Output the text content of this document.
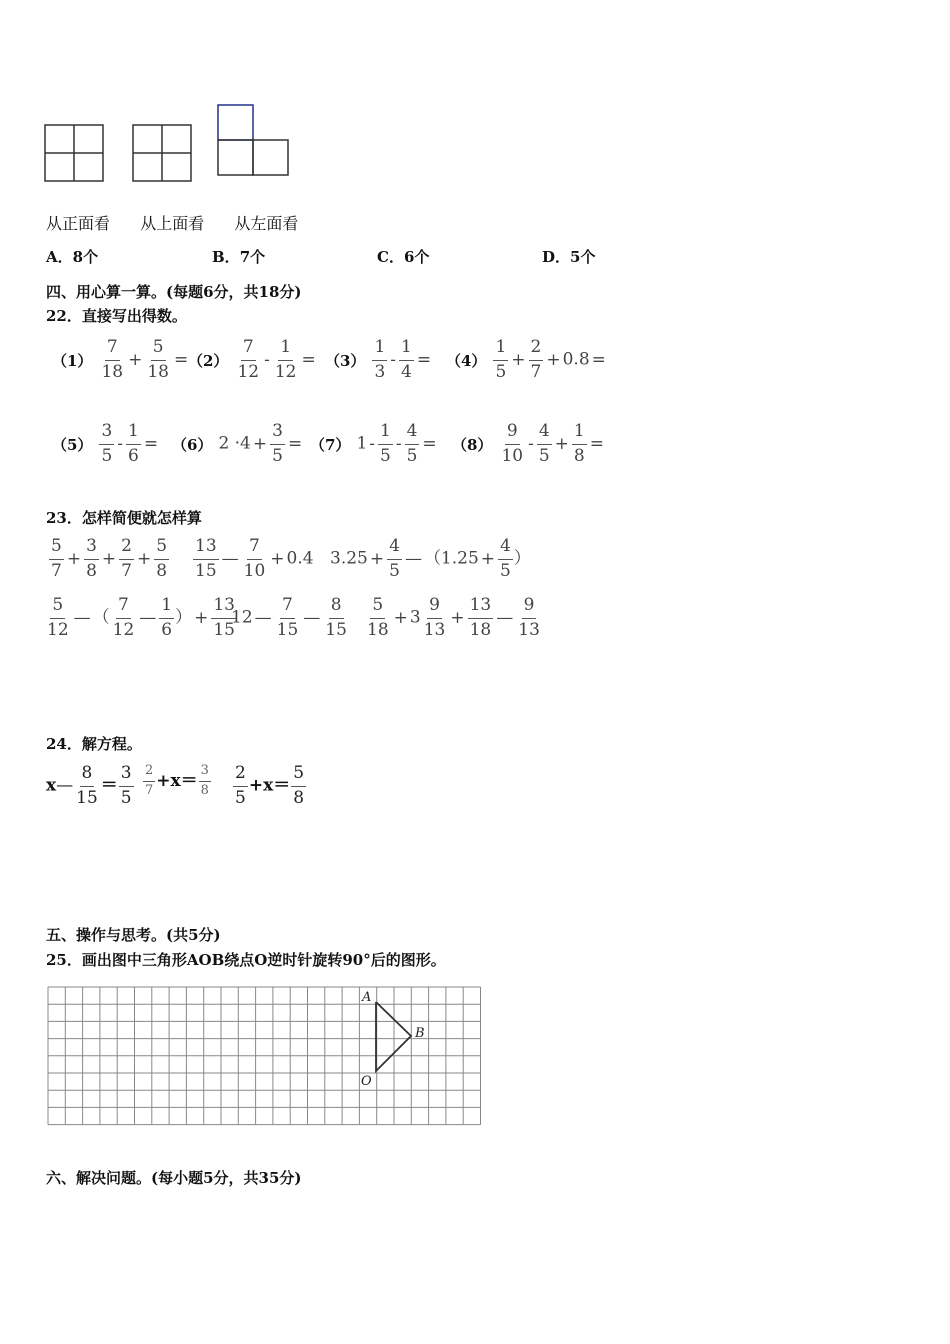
从正面看 从上面看 从左面看
A．8个	B．7个	C．6个	D．5个
四、用心算一算。(每题6分，共18分)
22．直接写出得数。
$(1) \frac{7}{18} + \frac{5}{18} = (2) \frac{7}{12} - \frac{1}{12} = (3) \frac{1}{3} - \frac{1}{4} = (4) \frac{1}{5} + \frac{2}{7} + 0.8$ =
$(5) \frac{3}{5} - \frac{1}{6} = (6)$ $2 \cdot 4 + \frac{3}{5} = (7)$ $1 - \frac{1}{5} - \frac{4}{5} = (8) \frac{9}{10} - \frac{4}{5} + \frac{1}{8}$ =
23．怎样简便就怎样算
$\frac{5}{7} + \frac{3}{8} + \frac{2}{7} + \frac{5}{8} \frac{13}{15}$ — $\frac{7}{10} + 0.4$ $3.25 + \frac{4}{5}$ — （$1.25 + \frac{4}{5}$ ）
$\frac{5}{12}$ — （ $\frac{7}{12}$ — $\frac{1}{6}$ ） + $\frac{13}{15}$
12 — $\frac{7}{15}$ — $\frac{8}{15} \frac{5}{18} + 3 \frac{9}{13} + \frac{13}{18}$ — $\frac{9}{13}$
24．解方程。
x— $\frac{8}{15} = \frac{3}{5} \frac{2}{7} +x= \frac{3}{8} \frac{2}{5} +x= \frac{5}{8}$
五、操作与思考。(共5分)
25．画出图中三角形AOB绕点O逆时针旋转90°后的图形。
A
B
O
六、解决问题。(每小题5分，共35分)
